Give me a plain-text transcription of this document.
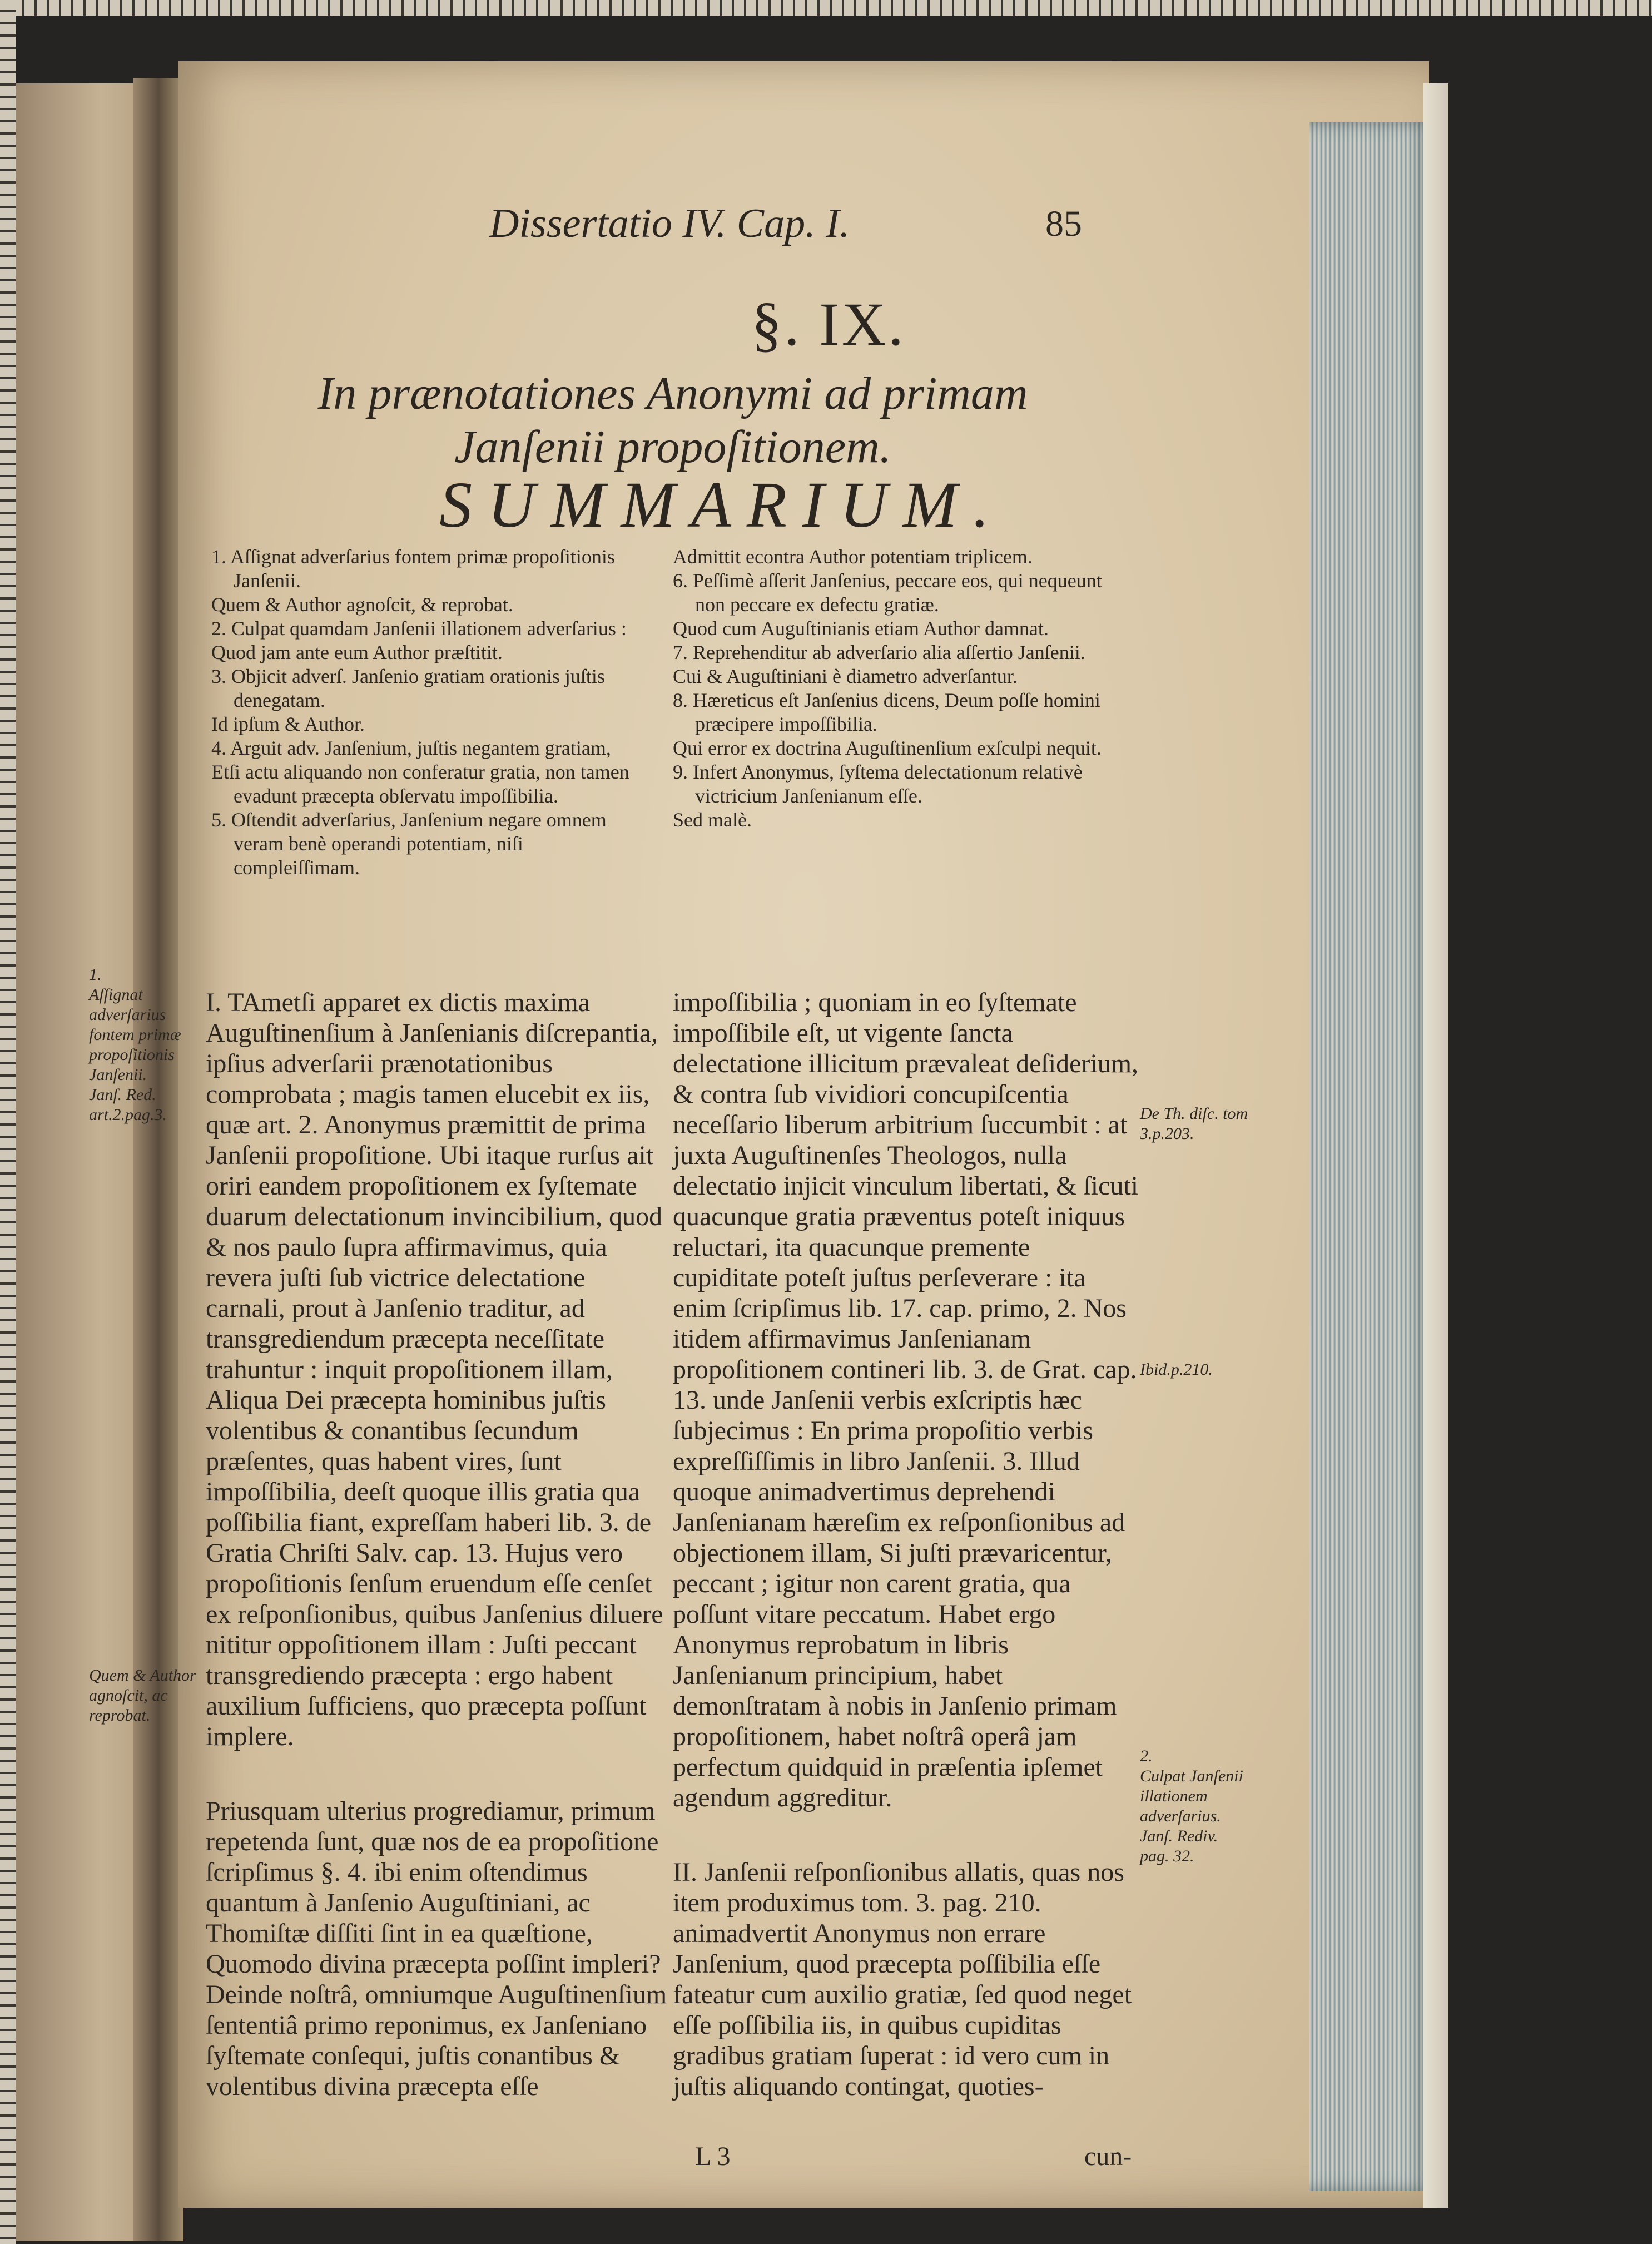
Dissertatio IV. Cap. I.	85
§. IX.
In prænotationes Anonymi ad primam Janſenii propoſitionem.
SUMMARIUM.

1. Aſſignat adverſarius fontem primæ propoſitionis Janſenii.

Quem & Author agnoſcit, & reprobat.

2. Culpat quamdam Janſenii illationem adverſarius :

Quod jam ante eum Author præſtitit.

3. Objicit adverſ. Janſenio gratiam orationis juſtis denegatam.

Id ipſum & Author.

4. Arguit adv. Janſenium, juſtis negantem gratiam,

Etſi actu aliquando non conferatur gratia, non tamen evadunt præcepta obſervatu impoſſibilia.

5. Oſtendit adverſarius, Janſenium negare omnem veram benè operandi potentiam, niſi compleiſſimam.

Admittit econtra Author potentiam triplicem.

6. Peſſimè aſſerit Janſenius, peccare eos, qui nequeunt non peccare ex defectu gratiæ.

Quod cum Auguſtinianis etiam Author damnat.

7. Reprehenditur ab adverſario alia aſſertio Janſenii.

Cui & Auguſtiniani è diametro adverſantur.

8. Hæreticus eſt Janſenius dicens, Deum poſſe homini præcipere impoſſibilia.

Qui error ex doctrina Auguſtinenſium exſculpi nequit.

9. Infert Anonymus, ſyſtema delectationum relativè victricium Janſenianum eſſe.

Sed malè.

I. TAmetſi apparet ex dictis maxima Auguſtinenſium à Janſenianis diſcrepantia, ipſius adverſarii prænotationibus comprobata ; magis tamen elucebit ex iis, quæ art. 2. Anonymus præmittit de prima Janſenii propoſitione. Ubi itaque rurſus ait oriri eandem propoſitionem ex ſyſtemate duarum delectationum invincibilium, quod & nos paulo ſupra affirmavimus, quia revera juſti ſub victrice delectatione carnali, prout à Janſenio traditur, ad transgrediendum præcepta neceſſitate trahuntur : inquit propoſitionem illam, Aliqua Dei præcepta hominibus juſtis volentibus & conantibus ſecundum præſentes, quas habent vires, ſunt impoſſibilia, deeſt quoque illis gratia qua poſſibilia fiant, expreſſam haberi lib. 3. de Gratia Chriſti Salv. cap. 13. Hujus vero propoſitionis ſenſum eruendum eſſe cenſet ex reſponſionibus, quibus Janſenius diluere nititur oppoſitionem illam : Juſti peccant transgrediendo præcepta : ergo habent auxilium ſufficiens, quo præcepta poſſunt implere.

Priusquam ulterius progrediamur, primum repetenda ſunt, quæ nos de ea propoſitione ſcripſimus §. 4. ibi enim oſtendimus quantum à Janſenio Auguſtiniani, ac Thomiſtæ diſſiti ſint in ea quæſtione, Quomodo divina præcepta poſſint impleri? Deinde noſtrâ, omniumque Auguſtinenſium ſententiâ primo reponimus, ex Janſeniano ſyſtemate conſequi, juſtis conantibus & volentibus divina præcepta eſſe

impoſſibilia ; quoniam in eo ſyſtemate impoſſibile eſt, ut vigente ſancta delectatione illicitum prævaleat deſiderium, & contra ſub vividiori concupiſcentia neceſſario liberum arbitrium ſuccumbit : at juxta Auguſtinenſes Theologos, nulla delectatio injicit vinculum libertati, & ſicuti quacunque gratia præventus poteſt iniquus reluctari, ita quacunque premente cupiditate poteſt juſtus perſeverare : ita enim ſcripſimus lib. 17. cap. primo, 2. Nos itidem affirmavimus Janſenianam propoſitionem contineri lib. 3. de Grat. cap. 13. unde Janſenii verbis exſcriptis hæc ſubjecimus : En prima propoſitio verbis expreſſiſſimis in libro Janſenii. 3. Illud quoque animadvertimus deprehendi Janſenianam hæreſim ex reſponſionibus ad objectionem illam, Si juſti prævaricentur, peccant ; igitur non carent gratia, qua poſſunt vitare peccatum. Habet ergo Anonymus reprobatum in libris Janſenianum principium, habet demonſtratam à nobis in Janſenio primam propoſitionem, habet noſtrâ operâ jam perfectum quidquid in præſentia ipſemet agendum aggreditur.

II. Janſenii reſponſionibus allatis, quas nos item produximus tom. 3. pag. 210. animadvertit Anonymus non errare Janſenium, quod præcepta poſſibilia eſſe fateatur cum auxilio gratiæ, ſed quod neget eſſe poſſibilia iis, in quibus cupiditas gradibus gratiam ſuperat : id vero cum in juſtis aliquando contingat, quoties-

1.
Aſſignat adverſarius fontem primæ propoſitionis Janſenii.
Janſ. Red. art.2.pag.3.
Quem & Author agnoſcit, ac reprobat.
De Th. diſc. tom 3.p.203.
Ibid.p.210.
2.
Culpat Janſenii illationem adverſarius.
Janſ. Rediv. pag. 32.
L 3	cun-
